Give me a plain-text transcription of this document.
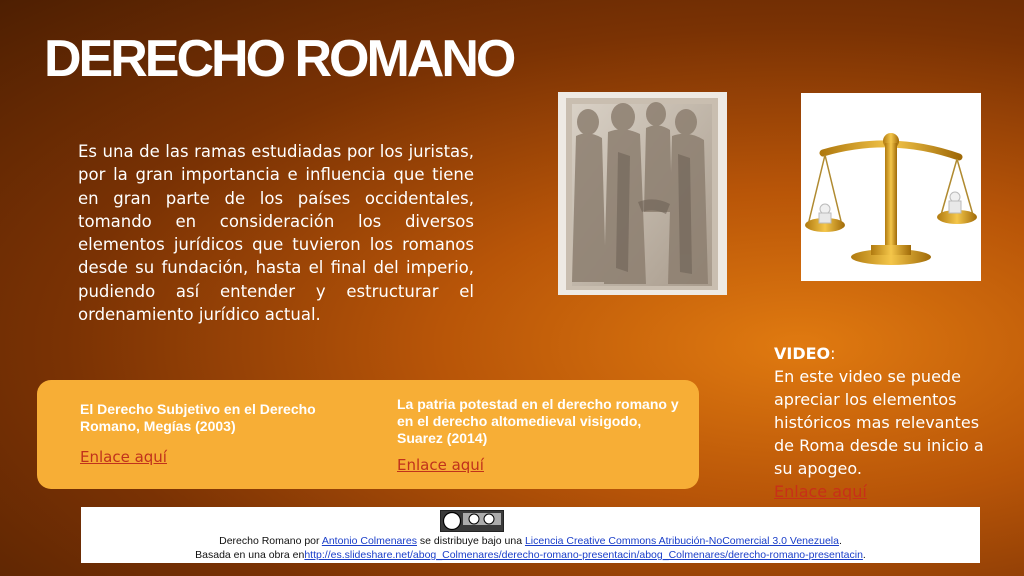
DERECHO ROMANO

Es una de las ramas estudiadas por los juristas, por la gran importancia e influencia que tiene en gran parte de los países occidentales, tomando en consideración los diversos elementos jurídicos que tuvieron los romanos desde su fundación, hasta el final del imperio, pudiendo así entender y estructurar el ordenamiento jurídico actual.

VIDEO:
En este video se puede apreciar los elementos históricos mas relevantes de Roma desde su inicio a su apogeo.
Enlace aquí

El Derecho Subjetivo en el Derecho Romano, Megías (2003)

Enlace aquí

La patria potestad en el derecho romano y en el derecho altomedieval visigodo, Suarez (2014)

Enlace aquí
Derecho Romano por Antonio Colmenares se distribuye bajo una Licencia Creative Commons Atribución-NoComercial 3.0 Venezuela.
Basada en una obra enhttp://es.slideshare.net/abog_Colmenares/derecho-romano-presentacin/abog_Colmenares/derecho-romano-presentacin.
